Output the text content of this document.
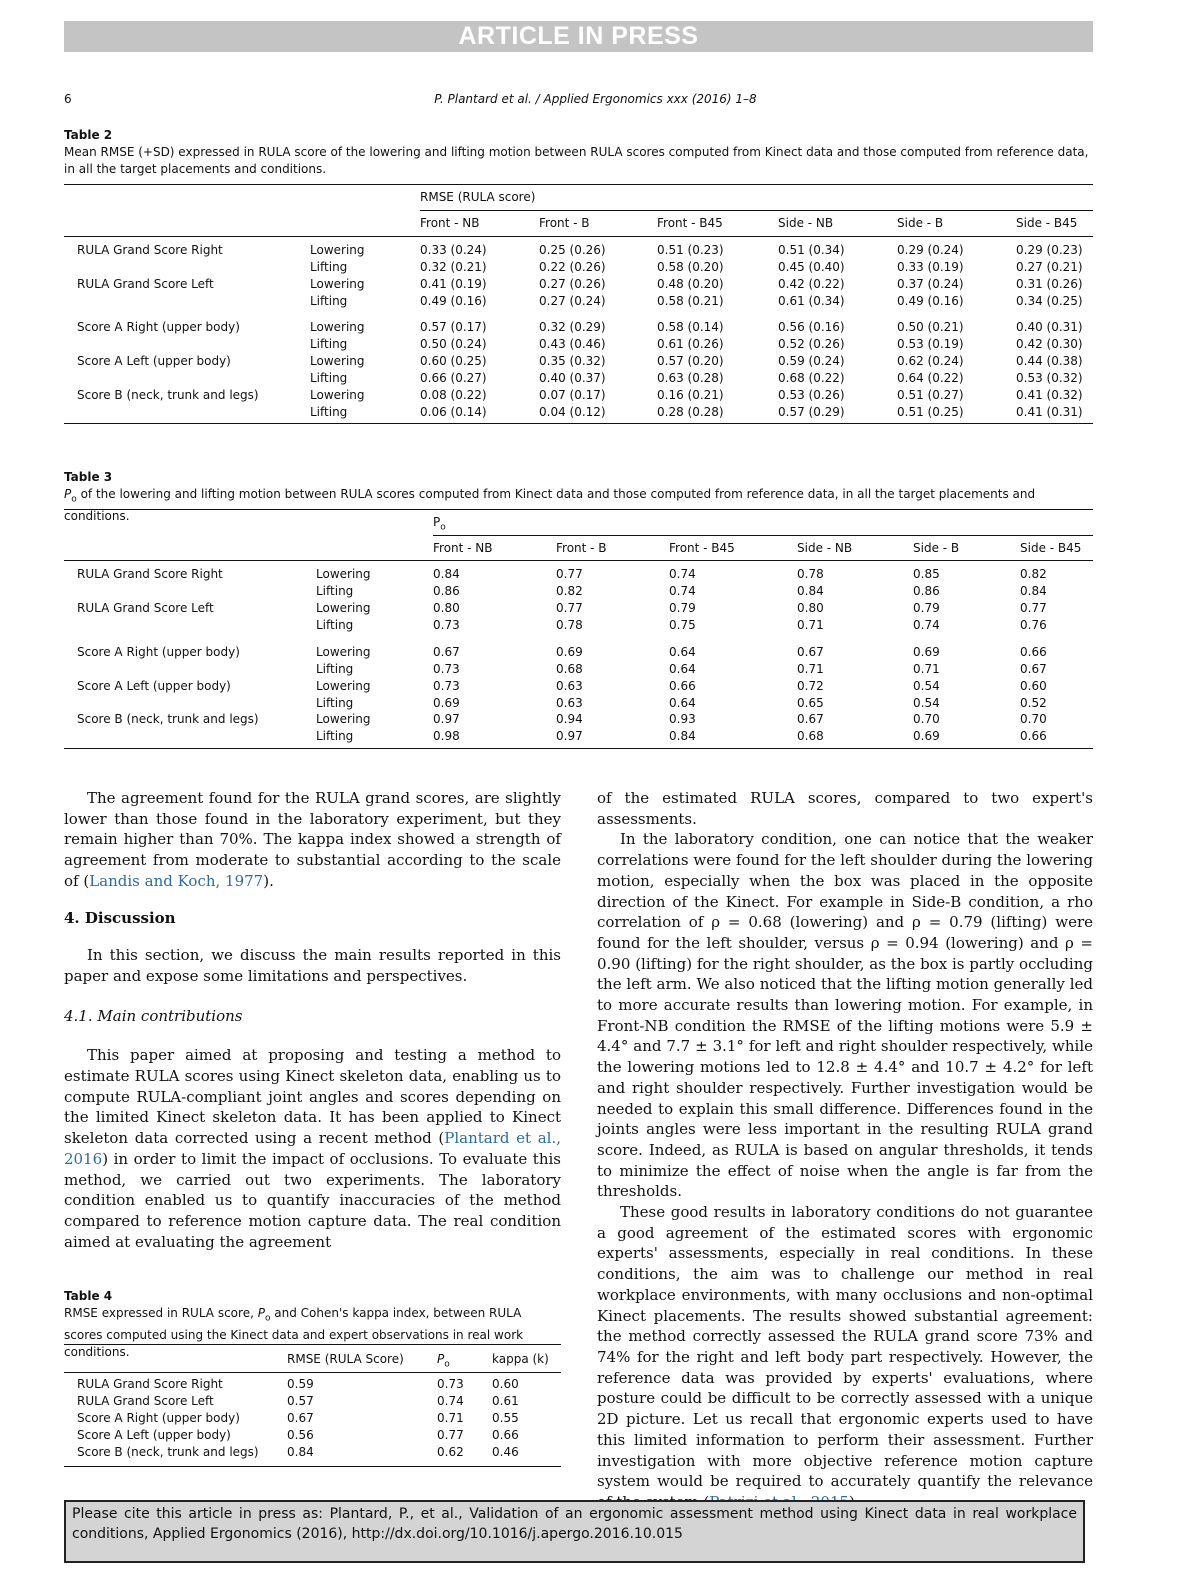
ARTICLE IN PRESS
6	P. Plantard et al. / Applied Ergonomics xxx (2016) 1–8
Table 2
Mean RMSE (+SD) expressed in RULA score of the lowering and lifting motion between RULA scores computed from Kinect data and those computed from reference data, in all the target placements and conditions.
RMSE (RULA score)
Table 3
$P_o$ of the lowering and lifting motion between RULA scores computed from Kinect data and those computed from reference data, in all the target placements and conditions.	$P_o$

The agreement found for the RULA grand scores, are slightly lower than those found in the laboratory experiment, but they remain higher than 70%. The kappa index showed a strength of agreement from moderate to substantial according to the scale of (Landis and Koch, 1977).

4. Discussion

In this section, we discuss the main results reported in this paper and expose some limitations and perspectives.

4.1. Main contributions

This paper aimed at proposing and testing a method to estimate RULA scores using Kinect skeleton data, enabling us to compute RULA-compliant joint angles and scores depending on the limited Kinect skeleton data. It has been applied to Kinect skeleton data corrected using a recent method (Plantard et al., 2016) in order to limit the impact of occlusions. To evaluate this method, we carried out two experiments. The laboratory condition enabled us to quantify inaccuracies of the method compared to reference motion capture data. The real condition aimed at evaluating the agreement

Table 4
RMSE expressed in RULA score, $P_o$ and Cohen's kappa index, between RULA scores computed using the Kinect data and expert observations in real work conditions.

of the estimated RULA scores, compared to two expert's assessments.

In the laboratory condition, one can notice that the weaker correlations were found for the left shoulder during the lowering motion, especially when the box was placed in the opposite direction of the Kinect. For example in Side-B condition, a rho correlation of ρ = 0.68 (lowering) and ρ = 0.79 (lifting) were found for the left shoulder, versus ρ = 0.94 (lowering) and ρ = 0.90 (lifting) for the right shoulder, as the box is partly occluding the left arm. We also noticed that the lifting motion generally led to more accurate results than lowering motion. For example, in Front-NB condition the RMSE of the lifting motions were 5.9 ± 4.4° and 7.7 ± 3.1° for left and right shoulder respectively, while the lowering motions led to 12.8 ± 4.4° and 10.7 ± 4.2° for left and right shoulder respectively. Further investigation would be needed to explain this small difference. Differences found in the joints angles were less important in the resulting RULA grand score. Indeed, as RULA is based on angular thresholds, it tends to minimize the effect of noise when the angle is far from the thresholds.

These good results in laboratory conditions do not guarantee a good agreement of the estimated scores with ergonomic experts' assessments, especially in real conditions. In these conditions, the aim was to challenge our method in real workplace environments, with many occlusions and non-optimal Kinect placements. The results showed substantial agreement: the method correctly assessed the RULA grand score 73% and 74% for the right and left body part respectively. However, the reference data was provided by experts' evaluations, where posture could be difficult to be correctly assessed with a unique 2D picture. Let us recall that ergonomic experts used to have this limited information to perform their assessment. Further investigation with more objective reference motion capture system would be required to accurately quantify the relevance

Please cite this article in press as: Plantard, P., et al., Validation of an ergonomic assessment method using Kinect data in real workplace conditions, Applied Ergonomics (2016), http://dx.doi.org/10.1016/j.apergo.2016.10.015
Front - NB	Front - B	Front - B45	Side - NB	Side - B	Side - B45
RULA Grand Score Right	Lowering	0.33 (0.24)	0.25 (0.26)	0.51 (0.23)	0.51 (0.34)	0.29 (0.24)	0.29 (0.23)
Lifting	0.32 (0.21)	0.22 (0.26)	0.58 (0.20)	0.45 (0.40)	0.33 (0.19)	0.27 (0.21)
RULA Grand Score Left	Lowering	0.41 (0.19)	0.27 (0.26)	0.48 (0.20)	0.42 (0.22)	0.37 (0.24)	0.31 (0.26)
Lifting	0.49 (0.16)	0.27 (0.24)	0.58 (0.21)	0.61 (0.34)	0.49 (0.16)	0.34 (0.25)
Score A Right (upper body)	Lowering	0.57 (0.17)	0.32 (0.29)	0.58 (0.14)	0.56 (0.16)	0.50 (0.21)	0.40 (0.31)
Lifting	0.50 (0.24)	0.43 (0.46)	0.61 (0.26)	0.52 (0.26)	0.53 (0.19)	0.42 (0.30)
Score A Left (upper body)	Lowering	0.60 (0.25)	0.35 (0.32)	0.57 (0.20)	0.59 (0.24)	0.62 (0.24)	0.44 (0.38)
Lifting	0.66 (0.27)	0.40 (0.37)	0.63 (0.28)	0.68 (0.22)	0.64 (0.22)	0.53 (0.32)
Score B (neck, trunk and legs)	Lowering	0.08 (0.22)	0.07 (0.17)	0.16 (0.21)	0.53 (0.26)	0.51 (0.27)	0.41 (0.32)
Lifting	0.06 (0.14)	0.04 (0.12)	0.28 (0.28)	0.57 (0.29)	0.51 (0.25)	0.41 (0.31)
Front - NB	Front - B	Front - B45	Side - NB	Side - B	Side - B45
RULA Grand Score Right	Lowering	0.84	0.77	0.74	0.78	0.85	0.82
Lifting	0.86	0.82	0.74	0.84	0.86	0.84
RULA Grand Score Left	Lowering	0.80	0.77	0.79	0.80	0.79	0.77
Lifting	0.73	0.78	0.75	0.71	0.74	0.76
Score A Right (upper body)	Lowering	0.67	0.69	0.64	0.67	0.69	0.66
Lifting	0.73	0.68	0.64	0.71	0.71	0.67
Score A Left (upper body)	Lowering	0.73	0.63	0.66	0.72	0.54	0.60
Lifting	0.69	0.63	0.64	0.65	0.54	0.52
Score B (neck, trunk and legs)	Lowering	0.97	0.94	0.93	0.67	0.70	0.70
Lifting	0.98	0.97	0.84	0.68	0.69	0.66
RMSE (RULA Score)	$P_o$	kappa (k)
RULA Grand Score Right	0.59	0.73 0.60
RULA Grand Score Left	0.57	0.74 0.61
Score A Right (upper body)	0.67	0.71 0.55
Score A Left (upper body)	0.56	0.77 0.66
Score B (neck, trunk and legs) 0.84	0.62 0.46
